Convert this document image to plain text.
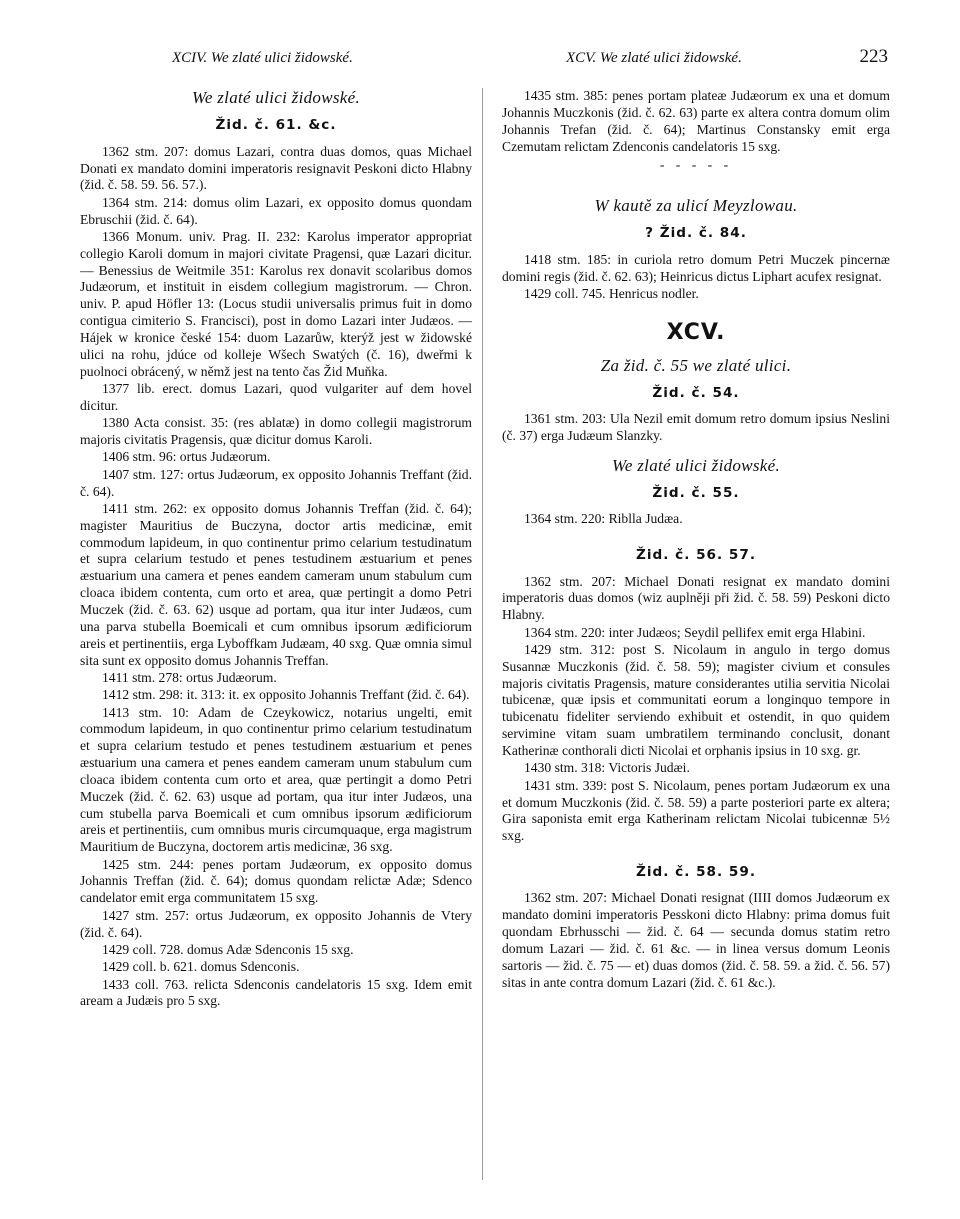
XCIV. We zlaté ulici židowské.	XCV. We zlaté ulici židowské.	223
We zlaté ulici židowské.
Žid. č. 61. &c.

1362 stm. 207: domus Lazari, contra duas domos, quas Michael Donati ex mandato domini imperatoris resignavit Peskoni dicto Hlabny (žid. č. 58. 59. 56. 57.).

1364 stm. 214: domus olim Lazari, ex opposito domus quondam Ebruschii (žid. č. 64).

1366 Monum. univ. Prag. II. 232: Karolus imperator appropriat collegio Karoli domum in majori civitate Pragensi, quæ Lazari dicitur. — Benessius de Weitmile 351: Karolus rex donavit scolaribus domos Judæorum, et instituit in eisdem collegium magistrorum. — Chron. univ. P. apud Höfler 13: (Locus studii universalis primus fuit in domo contigua cimiterio S. Francisci), post in domo Lazari inter Judæos. — Hájek w kronice české 154: duom Lazarůw, kterýž jest w židowské ulici na rohu, jdúce od kolleje Wšech Swatých (č. 16), dweřmi k puolnoci obrácený, w němž jest na tento čas Žid Muňka.

1377 lib. erect. domus Lazari, quod vulgariter auf dem hovel dicitur.

1380 Acta consist. 35: (res ablatæ) in domo collegii magistrorum majoris civitatis Pragensis, quæ dicitur domus Karoli.

1406 stm. 96: ortus Judæorum.

1407 stm. 127: ortus Judæorum, ex opposito Johannis Treffant (žid. č. 64).

1411 stm. 262: ex opposito domus Johannis Treffan (žid. č. 64); magister Mauritius de Buczyna, doctor artis medicinæ, emit commodum lapideum, in quo continentur primo celarium testudinatum et supra celarium testudo et penes testudinem æstuarium et penes æstuarium una camera et penes eandem cameram unum stabulum cum cloaca ibidem contenta, cum orto et area, quæ pertingit a domo Petri Muczek (žid. č. 63. 62) usque ad portam, qua itur inter Judæos, cum una parva stubella Boemicali et cum omnibus ipsorum ædificiorum areis et pertinentiis, erga Lyboffkam Judæam, 40 sxg. Quæ omnia simul sita sunt ex opposito domus Johannis Treffan.

1411 stm. 278: ortus Judæorum.

1412 stm. 298: it. 313: it. ex opposito Johannis Treffant (žid. č. 64).

1413 stm. 10: Adam de Czeykowicz, notarius ungelti, emit commodum lapideum, in quo continentur primo celarium testudinatum et supra celarium testudo et penes testudinem æstuarium et penes æstuarium una camera et penes eandem cameram unum stabulum cum cloaca ibidem contenta cum orto et area, quæ pertingit a domo Petri Muczek (žid. č. 62. 63) usque ad portam, qua itur inter Judæos, una cum stubella parva Boemicali et cum omnibus ipsorum ædificiorum areis et pertinentiis, cum omnibus muris circumquaque, erga magistrum Mauritium de Buczyna, doctorem artis medicinæ, 36 sxg.

1425 stm. 244: penes portam Judæorum, ex opposito domus Johannis Treffan (žid. č. 64); domus quondam relictæ Adæ; Sdenco candelator emit erga communitatem 15 sxg.

1427 stm. 257: ortus Judæorum, ex opposito Johannis de Vtery (žid. č. 64).

1429 coll. 728. domus Adæ Sdenconis 15 sxg.

1429 coll. b. 621. domus Sdenconis.

1433 coll. 763. relicta Sdenconis candelatoris 15 sxg. Idem emit aream a Judæis pro 5 sxg.

1435 stm. 385: penes portam plateæ Judæorum ex una et domum Johannis Muczkonis (žid. č. 62. 63) parte ex altera contra domum olim Johannis Trefan (žid. č. 64); Martinus Constansky emit erga Czemutam relictam Zdenconis candelatoris 15 sxg.

- - - - -
W kautě za ulicí Meyzlowau.
? Žid. č. 84.

1418 stm. 185: in curiola retro domum Petri Muczek pincernæ domini regis (žid. č. 62. 63); Heinricus dictus Liphart acufex resignat.

1429 coll. 745. Henricus nodler.

XCV.
Za žid. č. 55 we zlaté ulici.
Žid. č. 54.

1361 stm. 203: Ula Nezil emit domum retro domum ipsius Neslini (č. 37) erga Judæum Slanzky.

We zlaté ulici židowské.
Žid. č. 55.

1364 stm. 220: Riblla Judæa.

Žid. č. 56. 57.

1362 stm. 207: Michael Donati resignat ex mandato domini imperatoris duas domos (wiz auplněji při žid. č. 58. 59) Peskoni dicto Hlabny.

1364 stm. 220: inter Judæos; Seydil pellifex emit erga Hlabini.

1429 stm. 312: post S. Nicolaum in angulo in tergo domus Susannæ Muczkonis (žid. č. 58. 59); magister civium et consules majoris civitatis Pragensis, mature considerantes utilia servitia Nicolai tubicenæ, quæ ipsis et communitati eorum a longinquo tempore in tubicenatu fideliter serviendo exhibuit et ostendit, in quo quidem servimine vitam suam umbratilem terminando conclusit, donant Katherinæ conthorali dicti Nicolai et orphanis ipsius in 10 sxg. gr.

1430 stm. 318: Victoris Judæi.

1431 stm. 339: post S. Nicolaum, penes portam Judæorum ex una et domum Muczkonis (žid. č. 58. 59) a parte posteriori parte ex altera; Gira saponista emit erga Katherinam relictam Nicolai tubicennæ 5½ sxg.

Žid. č. 58. 59.

1362 stm. 207: Michael Donati resignat (IIII domos Judæorum ex mandato domini imperatoris Pesskoni dicto Hlabny: prima domus fuit quondam Ebrhusschi — žid. č. 64 — secunda domus statim retro domum Lazari — žid. č. 61 &c. — in linea versus domum Leonis sartoris — žid. č. 75 — et) duas domos (žid. č. 58. 59. a žid. č. 56. 57) sitas in ante contra domum Lazari (žid. č. 61 &c.).
